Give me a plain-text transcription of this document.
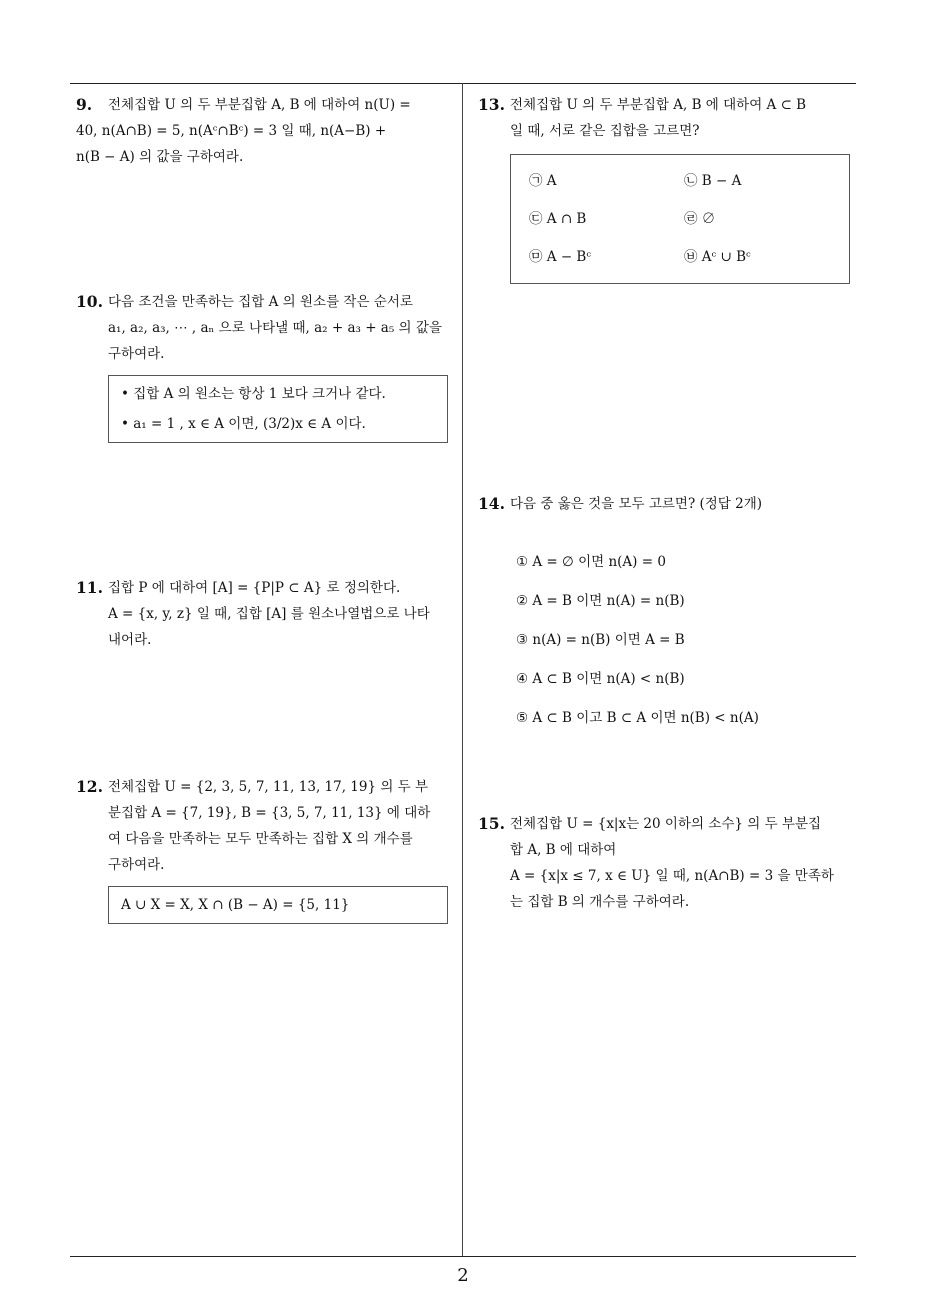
9. 전체집합 U 의 두 부분집합 A, B 에 대하여 n(U) =

40, n(A∩B) = 5, n(Aᶜ∩Bᶜ) = 3 일 때, n(A−B) +

n(B − A) 의 값을 구하여라.

10. 다음 조건을 만족하는 집합 A 의 원소를 작은 순서로

a₁, a₂, a₃, ⋯ , aₙ 으로 나타낼 때, a₂ + a₃ + a₅ 의 값을

구하여라.

• 집합 A 의 원소는 항상 1 보다 크거나 같다.
• a₁ = 1 , x ∈ A 이면, (3/2)x ∈ A 이다.
11. 집합 P 에 대하여 [A] = {P|P ⊂ A} 로 정의한다.

A = {x, y, z} 일 때, 집합 [A] 를 원소나열법으로 나타

내어라.

12. 전체집합 U = {2, 3, 5, 7, 11, 13, 17, 19} 의 두 부

분집합 A = {7, 19}, B = {3, 5, 7, 11, 13} 에 대하

여 다음을 만족하는 모두 만족하는 집합 X 의 개수를

구하여라.

A ∪ X = X, X ∩ (B − A) = {5, 11}
13. 전체집합 U 의 두 부분집합 A, B 에 대하여 A ⊂ B

일 때, 서로 같은 집합을 고르면?

㉠ A	㉡ B − A
㉢ A ∩ B	㉣ ∅
㉤ A − Bᶜ	㉥ Aᶜ ∪ Bᶜ
14. 다음 중 옳은 것을 모두 고르면? (정답 2개)

① A = ∅ 이면 n(A) = 0
② A = B 이면 n(A) = n(B)
③ n(A) = n(B) 이면 A = B
④ A ⊂ B 이면 n(A) < n(B)
⑤ A ⊂ B 이고 B ⊂ A 이면 n(B) < n(A)
15. 전체집합 U = {x|x는 20 이하의 소수} 의 두 부분집

합 A, B 에 대하여

A = {x|x ≤ 7, x ∈ U} 일 때, n(A∩B) = 3 을 만족하

는 집합 B 의 개수를 구하여라.

2
